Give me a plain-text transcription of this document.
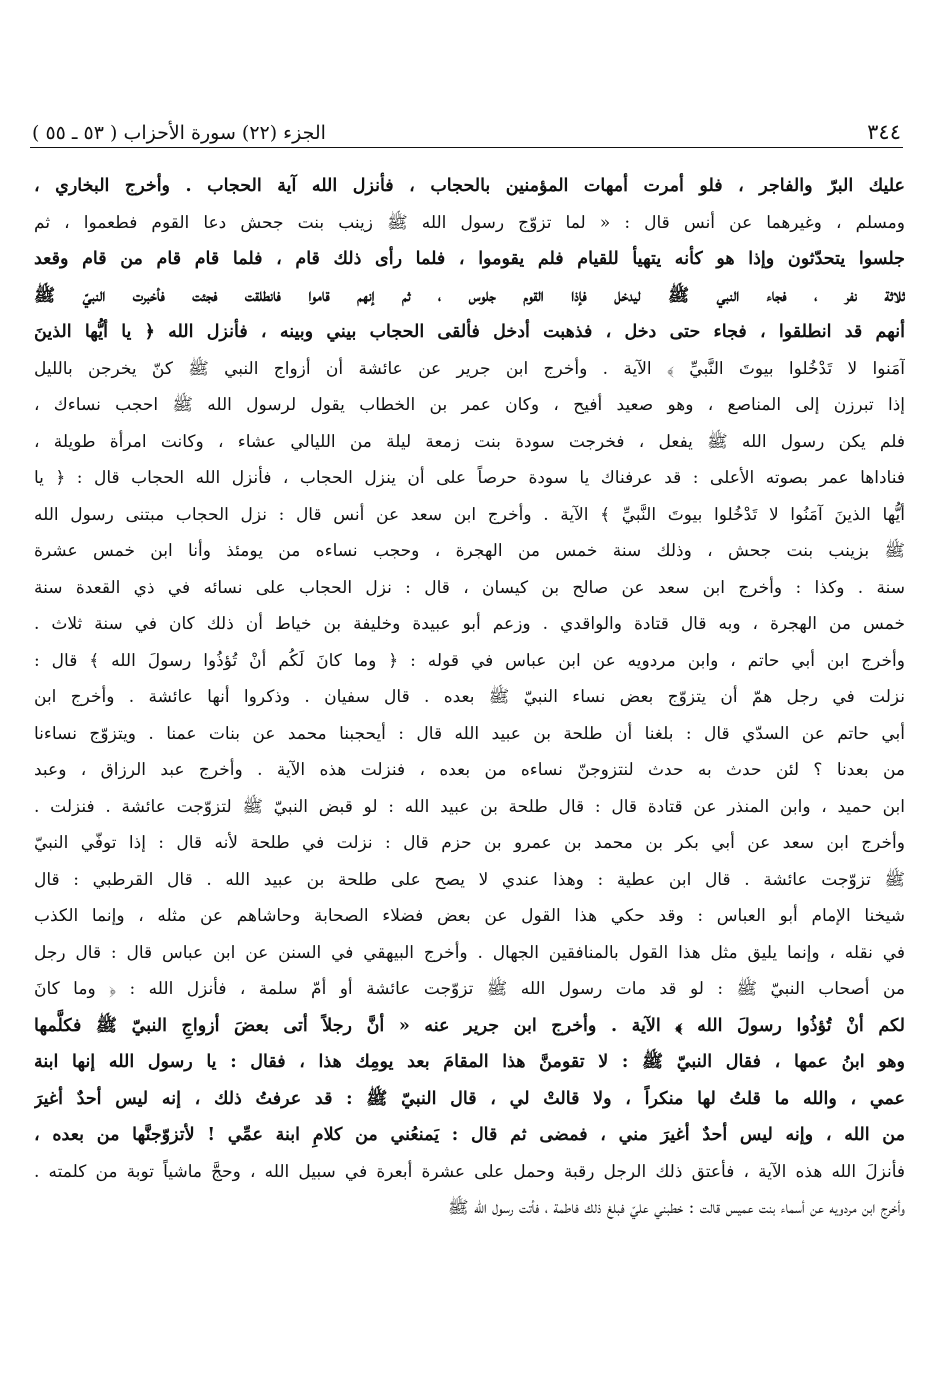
٣٤٤
الجزء (٢٢) سورة الأحزاب ( ٥٣ ـ ٥٥ )
عليك البرّ والفاجر ، فلو أمرت أمهات المؤمنين بالحجاب ، فأنزل الله آية الحجاب . وأخرج البخاري ،
ومسلم ، وغيرهما عن أنس قال : « لما تزوّج رسول الله ﷺ زينب بنت جحش دعا القوم فطعموا ، ثم
جلسوا يتحدّثون وإذا هو كأنه يتهيأ للقيام فلم يقوموا ، فلما رأى ذلك قام ، فلما قام قام من قام وقعد
ثلاثة نفر ، فجاء النبي ﷺ ليدخل فإذا القوم جلوس ، ثم إنهم قاموا فانطلقت فجئت فأخبرت النبيّ ﷺ
أنهم قد انطلقوا ، فجاء حتى دخل ، فذهبت أدخل فألقى الحجاب بيني وبينه ، فأنزل الله ﴿ يا أيُّها الذينَ
آمَنوا لا تَدْخُلوا بيوتَ النَّبيِّ ﴾ الآية . وأخرج ابن جرير عن عائشة أن أزواج النبي ﷺ كنّ يخرجن بالليل
إذا تبرزن إلى المناصع ، وهو صعيد أفيح ، وكان عمر بن الخطاب يقول لرسول الله ﷺ احجب نساءك ،
فلم يكن رسول الله ﷺ يفعل ، فخرجت سودة بنت زمعة ليلة من الليالي عشاء ، وكانت امرأة طويلة ،
فناداها عمر بصوته الأعلى : قد عرفناك يا سودة حرصاً على أن ينزل الحجاب ، فأنزل الله الحجاب قال : ﴿ يا
أيُّها الذينَ آمَنُوا لا تَدْخُلوا بيوتَ النَّبيِّ ﴾ الآية . وأخرج ابن سعد عن أنس قال : نزل الحجاب مبتنى رسول الله
ﷺ بزينب بنت جحش ، وذلك سنة خمس من الهجرة ، وحجب نساءه من يومئذ وأنا ابن خمس عشرة
سنة . وكذا : وأخرج ابن سعد عن صالح بن كيسان ، قال : نزل الحجاب على نسائه في ذي القعدة سنة
خمس من الهجرة ، وبه قال قتادة والواقدي . وزعم أبو عبيدة وخليفة بن خياط أن ذلك كان في سنة ثلاث .
وأخرج ابن أبي حاتم ، وابن مردويه عن ابن عباس في قوله : ﴿ وما كانَ لَكُم أنْ تُؤذُوا رسولَ الله ﴾ قال :
نزلت في رجل همّ أن يتزوّج بعض نساء النبيّ ﷺ بعده . قال سفيان . وذكروا أنها عائشة . وأخرج ابن
أبي حاتم عن السدّي قال : بلغنا أن طلحة بن عبيد الله قال : أيحجبنا محمد عن بنات عمنا . ويتزوّج نساءنا
من بعدنا ؟ لئن حدث به حدث لنتزوجنّ نساءه من بعده ، فنزلت هذه الآية . وأخرج عبد الرزاق ، وعبد
ابن حميد ، وابن المنذر عن قتادة قال : قال طلحة بن عبيد الله : لو قبض النبيّ ﷺ لتزوّجت عائشة . فنزلت .
وأخرج ابن سعد عن أبي بكر بن محمد بن عمرو بن حزم قال : نزلت في طلحة لأنه قال : إذا توفّي النبيّ
ﷺ تزوّجت عائشة . قال ابن عطية : وهذا عندي لا يصح على طلحة بن عبيد الله . قال القرطبي : قال
شيخنا الإمام أبو العباس : وقد حكي هذا القول عن بعض فضلاء الصحابة وحاشاهم عن مثله ، وإنما الكذب
في نقله ، وإنما يليق مثل هذا القول بالمنافقين الجهال . وأخرج البيهقي في السنن عن ابن عباس قال : قال رجل
من أصحاب النبيّ ﷺ : لو قد مات رسول الله ﷺ تزوّجت عائشة أو أمّ سلمة ، فأنزل الله : ﴿ وما كانَ
لكم أنْ تُؤذُوا رسولَ الله ﴾ الآية . وأخرج ابن جرير عنه « أنَّ رجلاً أتى بعضَ أزواجِ النبيّ ﷺ فكلَّمها
وهو ابنُ عمها ، فقال النبيّ ﷺ : لا تقومنَّ هذا المقامَ بعد يومِك هذا ، فقال : يا رسول الله إنها ابنة
عمي ، والله ما قلتُ لها منكراً ، ولا قالتْ لي ، قال النبيّ ﷺ : قد عرفتُ ذلك ، إنه ليس أحدٌ أغيرَ
من الله ، وإنه ليس أحدٌ أغيرَ مني ، فمضى ثم قال : يَمنعُني من كلامِ ابنة عمِّي ! لأتزوّجنَّها من بعده ،
فأنزلَ الله هذه الآية ، فأعتق ذلك الرجل رقبة وحمل على عشرة أبعرة في سبيل الله ، وحجَّ ماشياً توبة من كلمته .
وأخرج ابن مردويه عن أسماء بنت عميس قالت : خطبني عليّ فبلغ ذلك فاطمة ، فأتت رسول الله ﷺ
